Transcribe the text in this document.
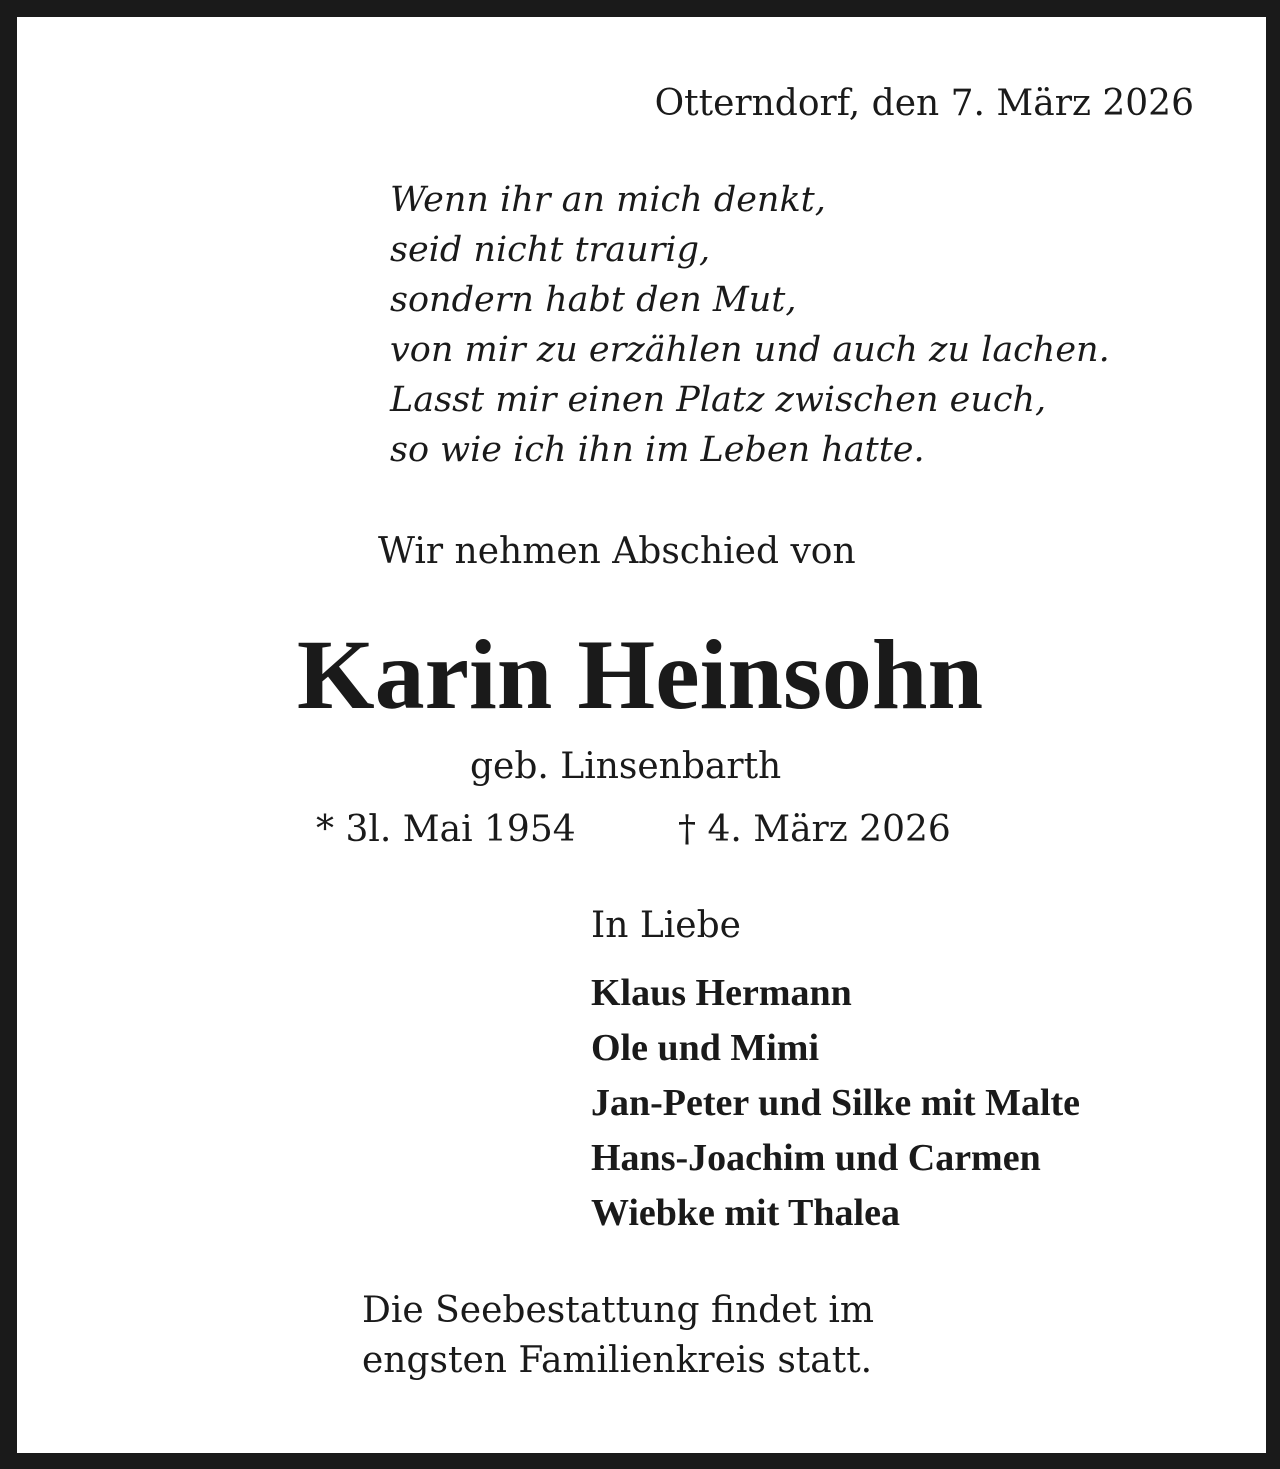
Otterndorf, den 7. März 2026

Wenn ihr an mich denkt,
seid nicht traurig,
sondern habt den Mut,
von mir zu erzählen und auch zu lachen.
Lasst mir einen Platz zwischen euch,
so wie ich ihn im Leben hatte.

Wir nehmen Abschied von

Karin Heinsohn

geb. Linsenbarth

* 3l. Mai 1954	† 4. März 2026

In Liebe

Klaus Hermann
Ole und Mimi
Jan-Peter und Silke mit Malte
Hans-Joachim und Carmen
Wiebke mit Thalea
Die Seebestattung findet im
engsten Familienkreis statt.
